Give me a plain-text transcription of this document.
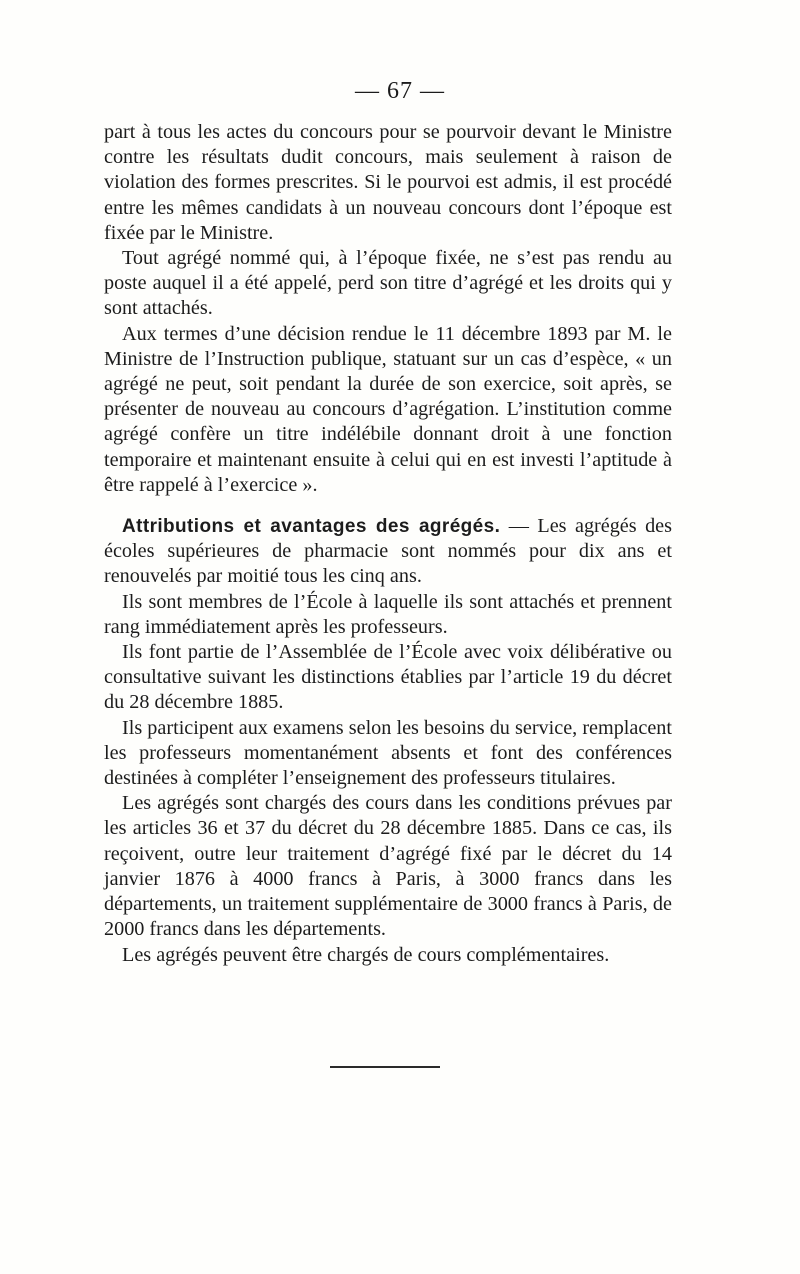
— 67 —

part à tous les actes du concours pour se pourvoir devant le Ministre contre les résultats dudit concours, mais seulement à raison de violation des formes prescrites. Si le pourvoi est admis, il est procédé entre les mêmes candidats à un nouveau concours dont l’époque est fixée par le Ministre.

Tout agrégé nommé qui, à l’époque fixée, ne s’est pas rendu au poste auquel il a été appelé, perd son titre d’agrégé et les droits qui y sont attachés.

Aux termes d’une décision rendue le 11 décembre 1893 par M. le Ministre de l’Instruction publique, statuant sur un cas d’espèce, « un agrégé ne peut, soit pendant la durée de son exercice, soit après, se présenter de nouveau au concours d’agrégation. L’institution comme agrégé confère un titre indélébile donnant droit à une fonction temporaire et maintenant ensuite à celui qui en est investi l’aptitude à être rappelé à l’exercice ».

Attributions et avantages des agrégés. — Les agrégés des écoles supérieures de pharmacie sont nommés pour dix ans et renouvelés par moitié tous les cinq ans.

Ils sont membres de l’École à laquelle ils sont attachés et prennent rang immédiatement après les professeurs.

Ils font partie de l’Assemblée de l’École avec voix délibérative ou consultative suivant les distinctions établies par l’article 19 du décret du 28 décembre 1885.

Ils participent aux examens selon les besoins du service, remplacent les professeurs momentanément absents et font des conférences destinées à compléter l’enseignement des professeurs titulaires.

Les agrégés sont chargés des cours dans les conditions prévues par les articles 36 et 37 du décret du 28 décembre 1885. Dans ce cas, ils reçoivent, outre leur traitement d’agrégé fixé par le décret du 14 janvier 1876 à 4000 francs à Paris, à 3000 francs dans les départements, un traitement supplémentaire de 3000 francs à Paris, de 2000 francs dans les départements.

Les agrégés peuvent être chargés de cours complémentaires.
